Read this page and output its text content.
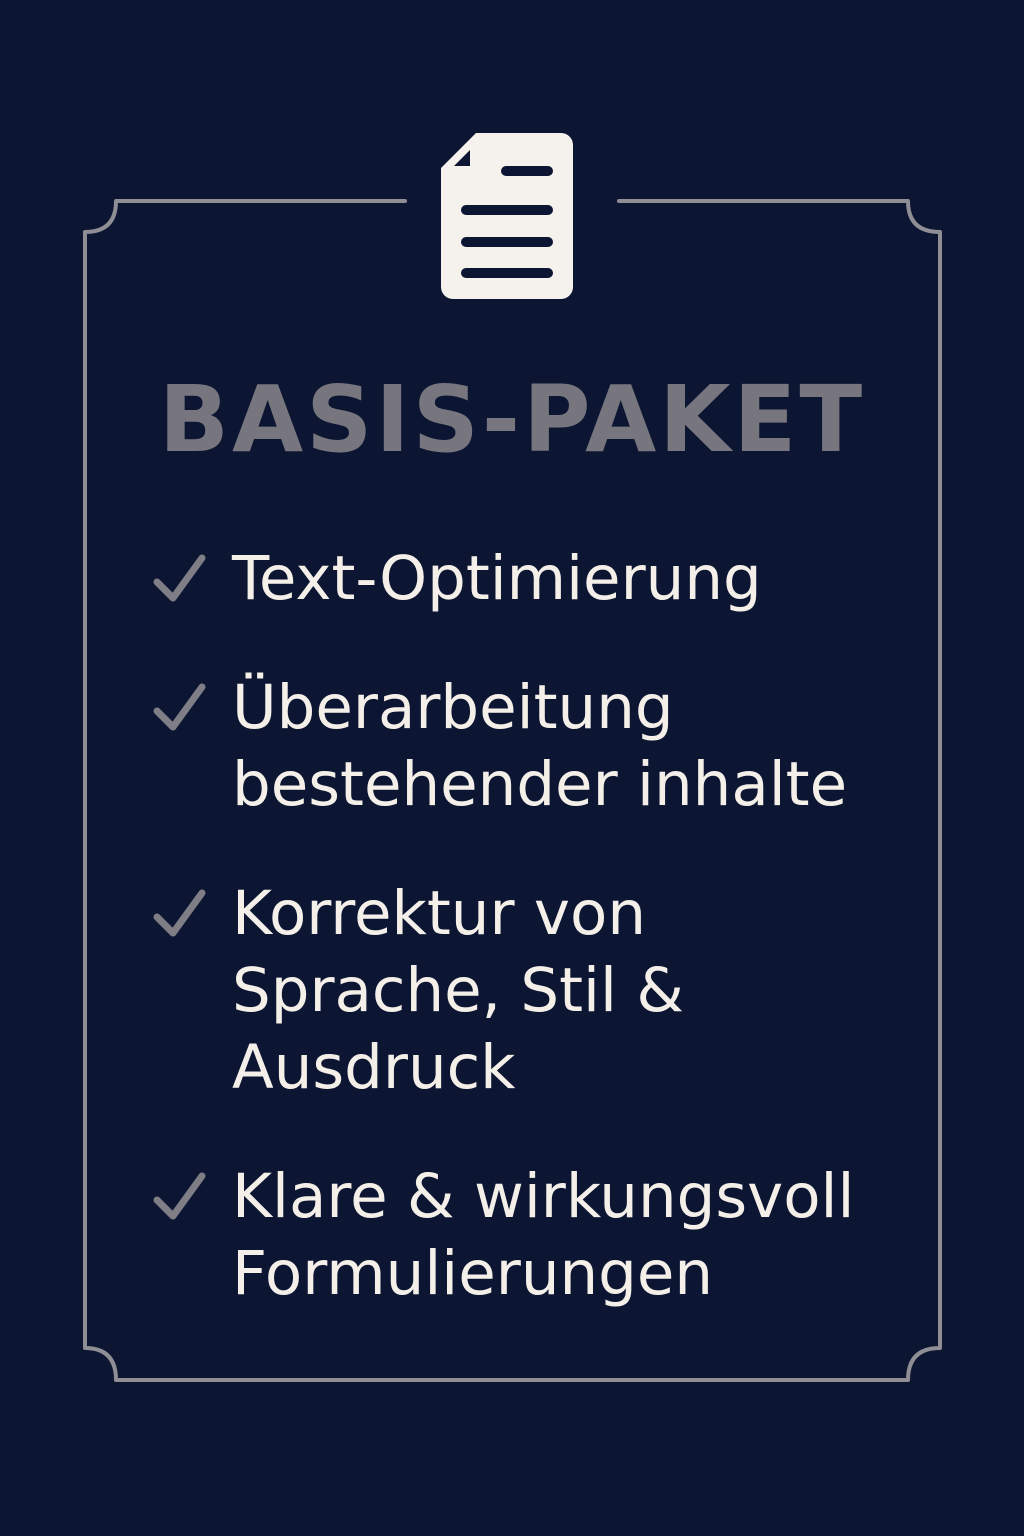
BASIS-PAKET
Text-Optimierung
Überarbeitung
bestehender inhalte
Korrektur von
Sprache, Stil &
Ausdruck
Klare & wirkungsvoll
Formulierungen
